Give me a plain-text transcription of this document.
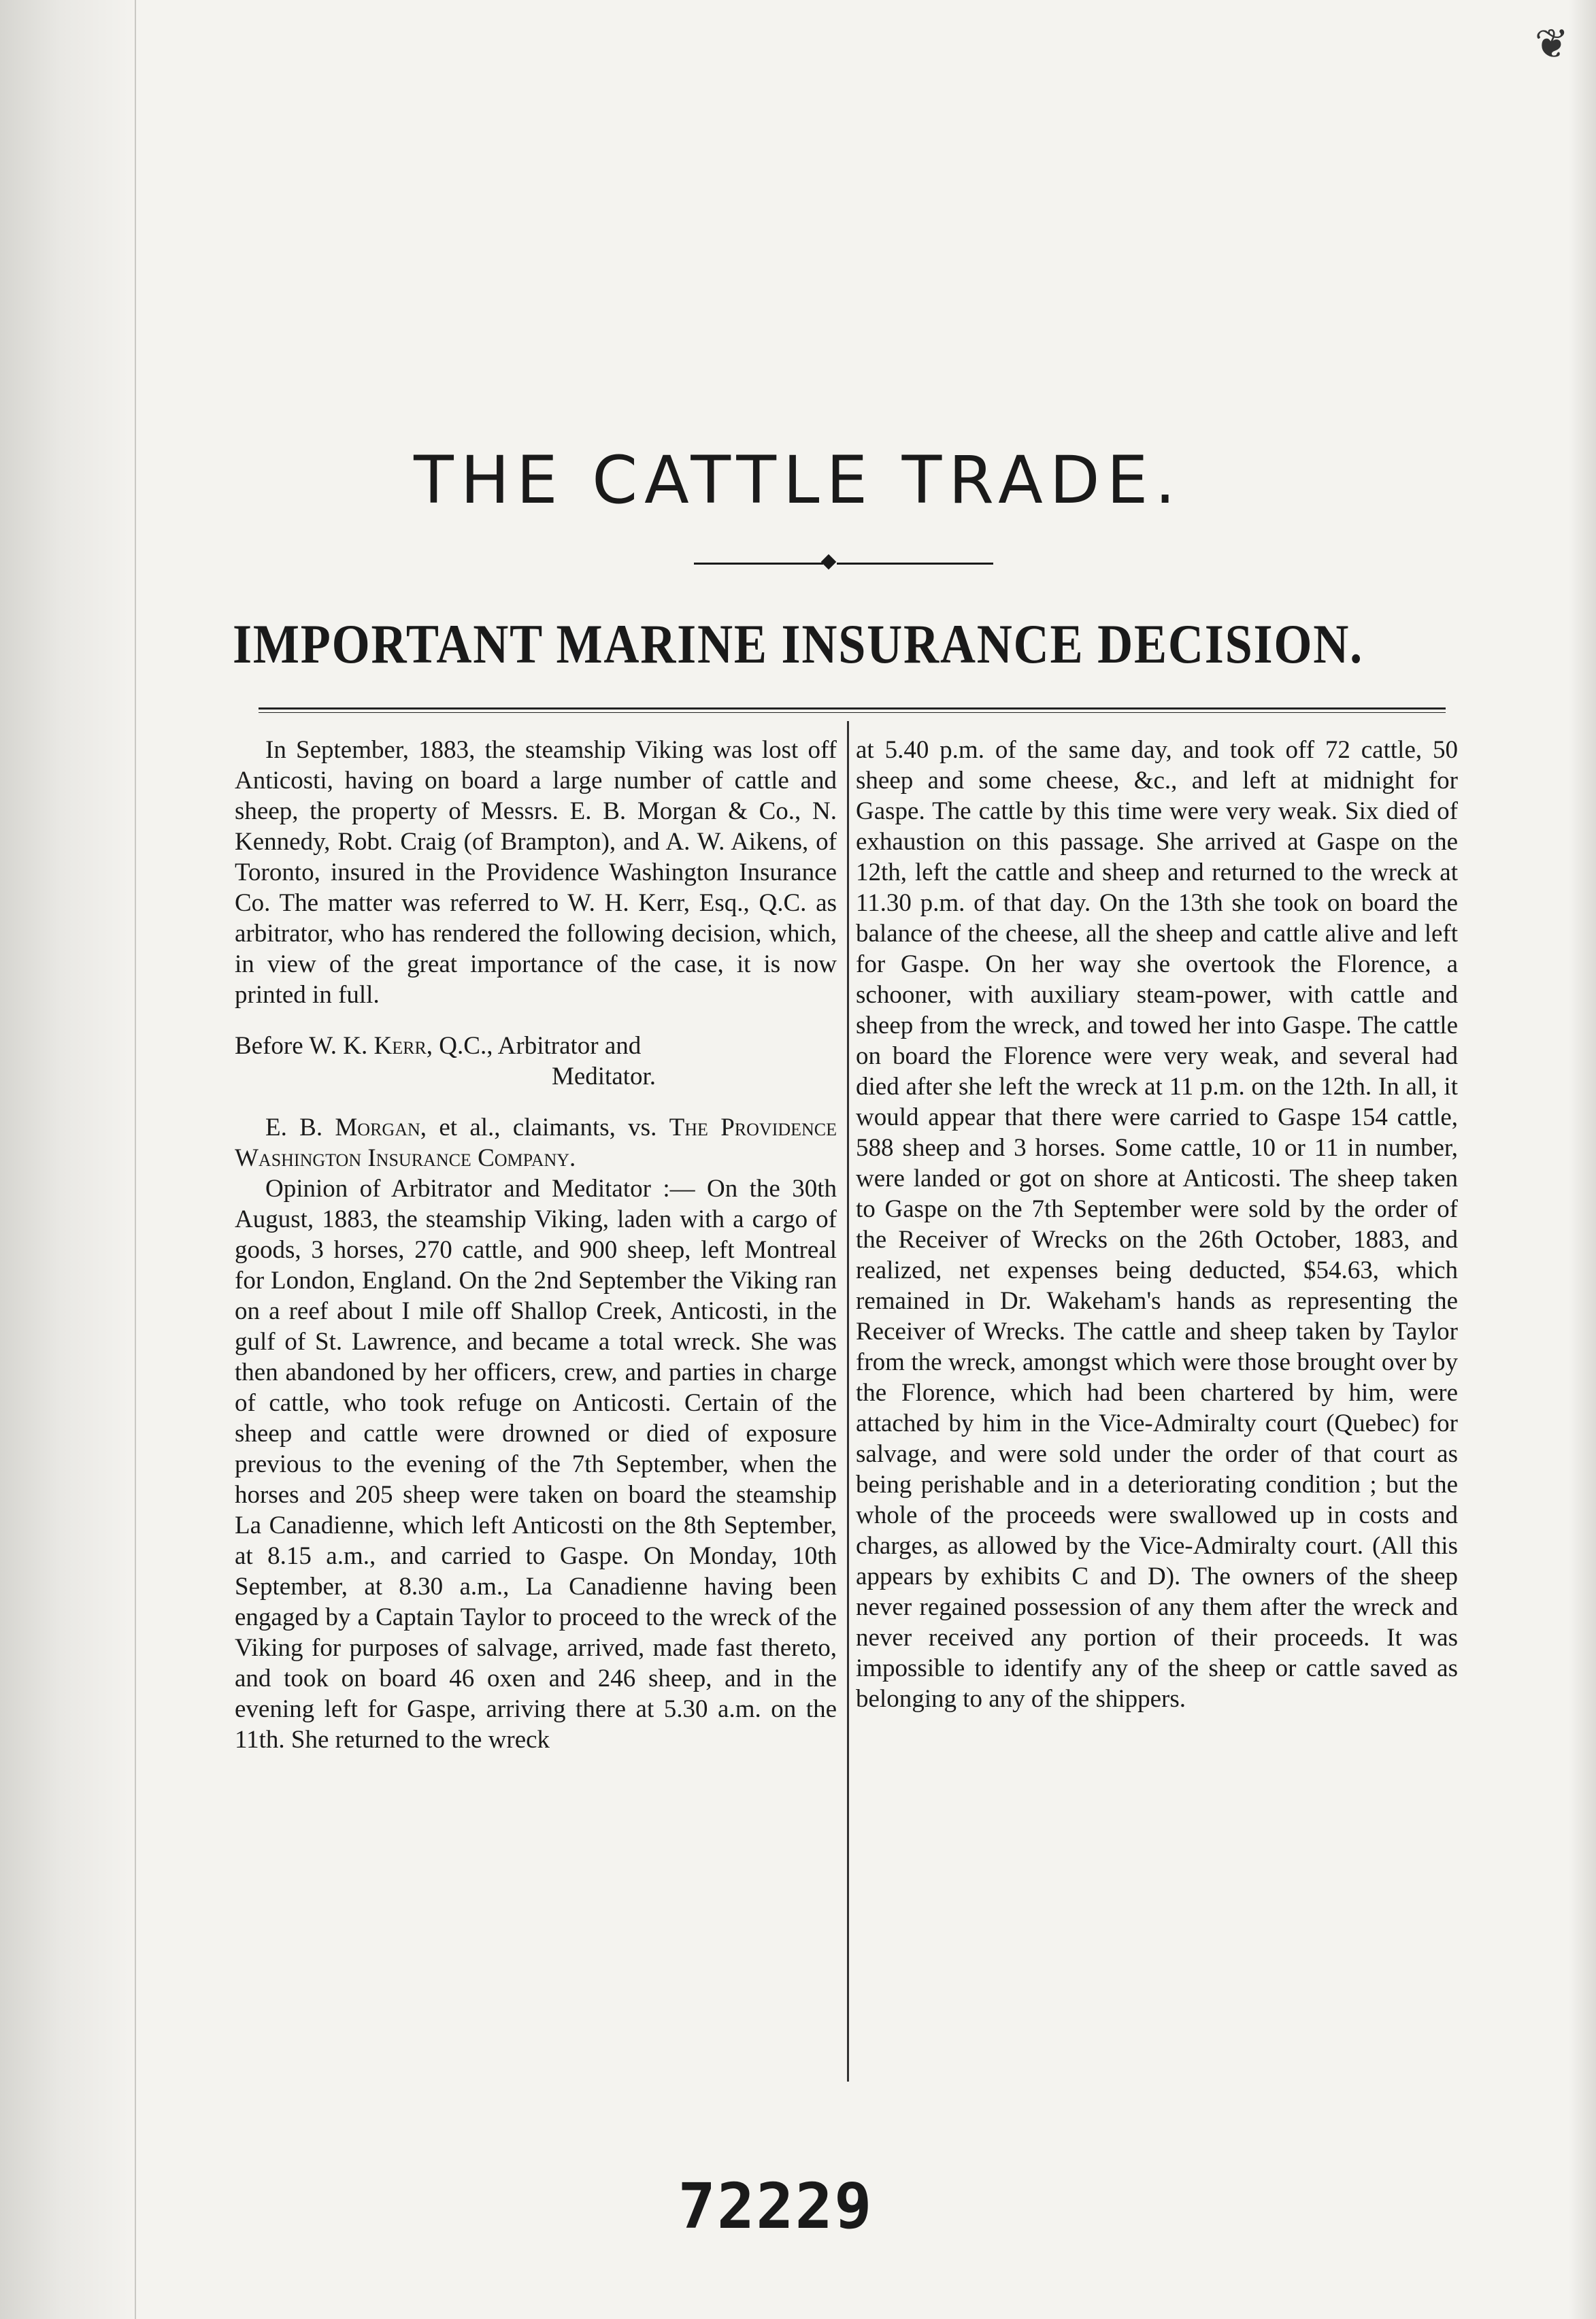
❦
THE CATTLE TRADE.
IMPORTANT MARINE INSURANCE DECISION.

In September, 1883, the steamship Viking was lost off Anticosti, having on board a large number of cattle and sheep, the property of Messrs. E. B. Morgan & Co., N. Kennedy, Robt. Craig (of Brampton), and A. W. Aikens, of Toronto, insured in the Providence Washington Insurance Co. The matter was referred to W. H. Kerr, Esq., Q.C. as arbitrator, who has rendered the following decision, which, in view of the great importance of the case, it is now printed in full.

Before W. K. Kerr, Q.C., Arbitrator and

Meditator.

E. B. Morgan, et al., claimants, vs. The Providence Washington Insurance Company.

Opinion of Arbitrator and Meditator :— On the 30th August, 1883, the steamship Viking, laden with a cargo of goods, 3 horses, 270 cattle, and 900 sheep, left Montreal for London, England. On the 2nd September the Viking ran on a reef about I mile off Shallop Creek, Anticosti, in the gulf of St. Lawrence, and became a total wreck. She was then abandoned by her officers, crew, and parties in charge of cattle, who took refuge on Anticosti. Certain of the sheep and cattle were drowned or died of exposure previous to the evening of the 7th September, when the horses and 205 sheep were taken on board the steamship La Canadienne, which left Anticosti on the 8th September, at 8.15 a.m., and carried to Gaspe. On Monday, 10th September, at 8.30 a.m., La Canadienne having been engaged by a Captain Taylor to proceed to the wreck of the Viking for purposes of salvage, arrived, made fast thereto, and took on board 46 oxen and 246 sheep, and in the evening left for Gaspe, arriving there at 5.30 a.m. on the 11th. She returned to the wreck

at 5.40 p.m. of the same day, and took off 72 cattle, 50 sheep and some cheese, &c., and left at midnight for Gaspe. The cattle by this time were very weak. Six died of exhaustion on this passage. She arrived at Gaspe on the 12th, left the cattle and sheep and returned to the wreck at 11.30 p.m. of that day. On the 13th she took on board the balance of the cheese, all the sheep and cattle alive and left for Gaspe. On her way she overtook the Florence, a schooner, with auxiliary steam-power, with cattle and sheep from the wreck, and towed her into Gaspe. The cattle on board the Florence were very weak, and several had died after she left the wreck at 11 p.m. on the 12th. In all, it would appear that there were carried to Gaspe 154 cattle, 588 sheep and 3 horses. Some cattle, 10 or 11 in number, were landed or got on shore at Anticosti. The sheep taken to Gaspe on the 7th September were sold by the order of the Receiver of Wrecks on the 26th October, 1883, and realized, net expenses being deducted, $54.63, which remained in Dr. Wakeham's hands as representing the Receiver of Wrecks. The cattle and sheep taken by Taylor from the wreck, amongst which were those brought over by the Florence, which had been chartered by him, were attached by him in the Vice-Admiralty court (Quebec) for salvage, and were sold under the order of that court as being perishable and in a deteriorating condition ; but the whole of the proceeds were swallowed up in costs and charges, as allowed by the Vice-Admiralty court. (All this appears by exhibits C and D). The owners of the sheep never regained possession of any them after the wreck and never received any portion of their proceeds. It was impossible to identify any of the sheep or cattle saved as belonging to any of the shippers.

72229
